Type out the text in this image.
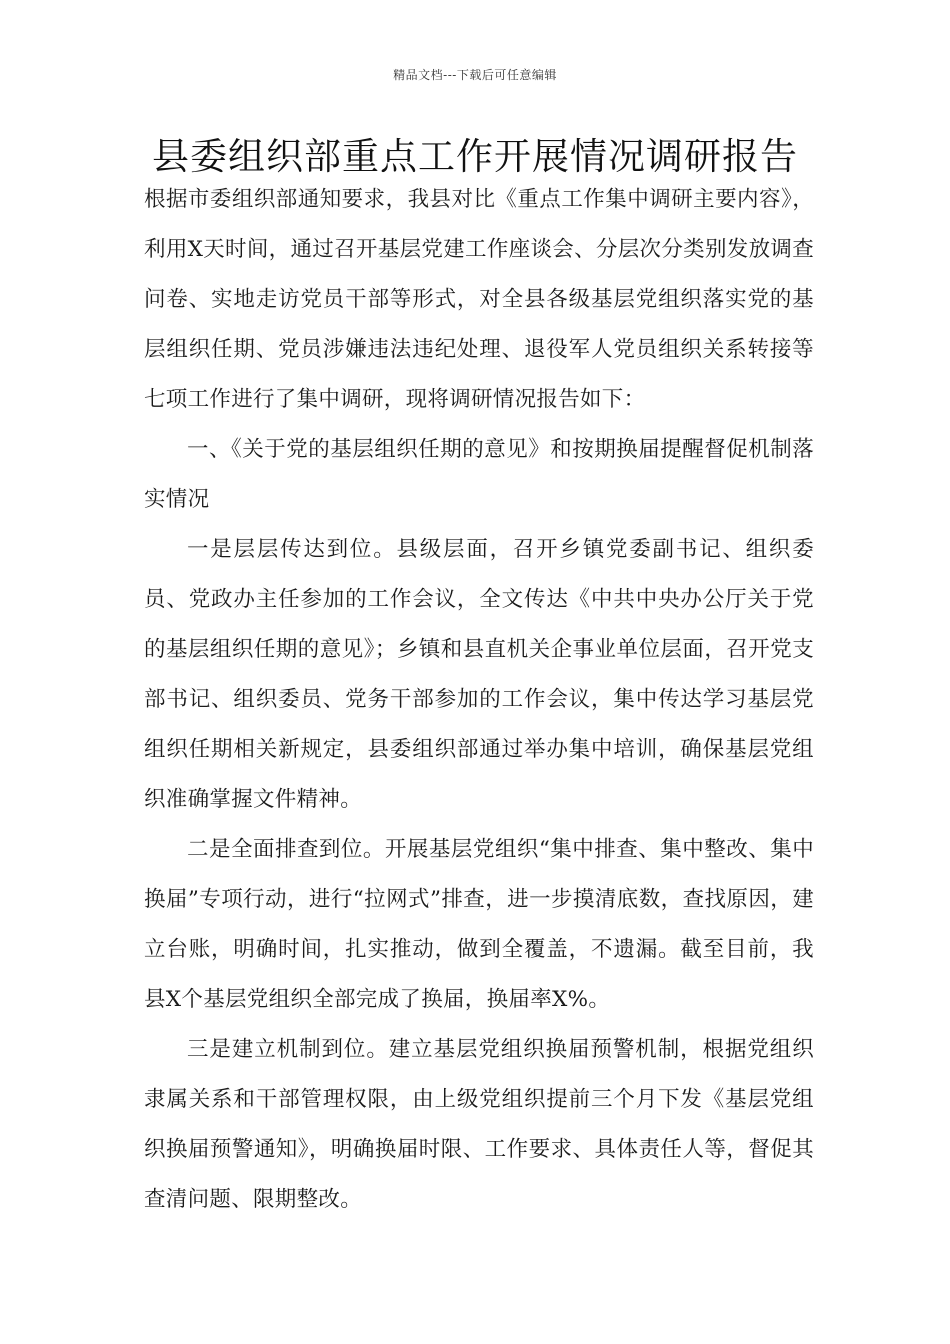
精品文档---下载后可任意编辑
县委组织部重点工作开展情况调研报告

根据市委组织部通知要求，我县对比《重点工作集中调研主要内容》，利用X天时间，通过召开基层党建工作座谈会、分层次分类别发放调查问卷、实地走访党员干部等形式，对全县各级基层党组织落实党的基层组织任期、党员涉嫌违法违纪处理、退役军人党员组织关系转接等七项工作进行了集中调研，现将调研情况报告如下：

一、《关于党的基层组织任期的意见》和按期换届提醒督促机制落实情况

一是层层传达到位。县级层面，召开乡镇党委副书记、组织委员、党政办主任参加的工作会议，全文传达《中共中央办公厅关于党的基层组织任期的意见》；乡镇和县直机关企事业单位层面，召开党支部书记、组织委员、党务干部参加的工作会议，集中传达学习基层党组织任期相关新规定，县委组织部通过举办集中培训，确保基层党组织准确掌握文件精神。

二是全面排查到位。开展基层党组织“集中排查、集中整改、集中换届”专项行动，进行“拉网式”排查，进一步摸清底数，查找原因，建立台账，明确时间，扎实推动，做到全覆盖，不遗漏。截至目前，我县X个基层党组织全部完成了换届，换届率X%。

三是建立机制到位。建立基层党组织换届预警机制，根据党组织隶属关系和干部管理权限，由上级党组织提前三个月下发《基层党组织换届预警通知》，明确换届时限、工作要求、具体责任人等，督促其查清问题、限期整改。
